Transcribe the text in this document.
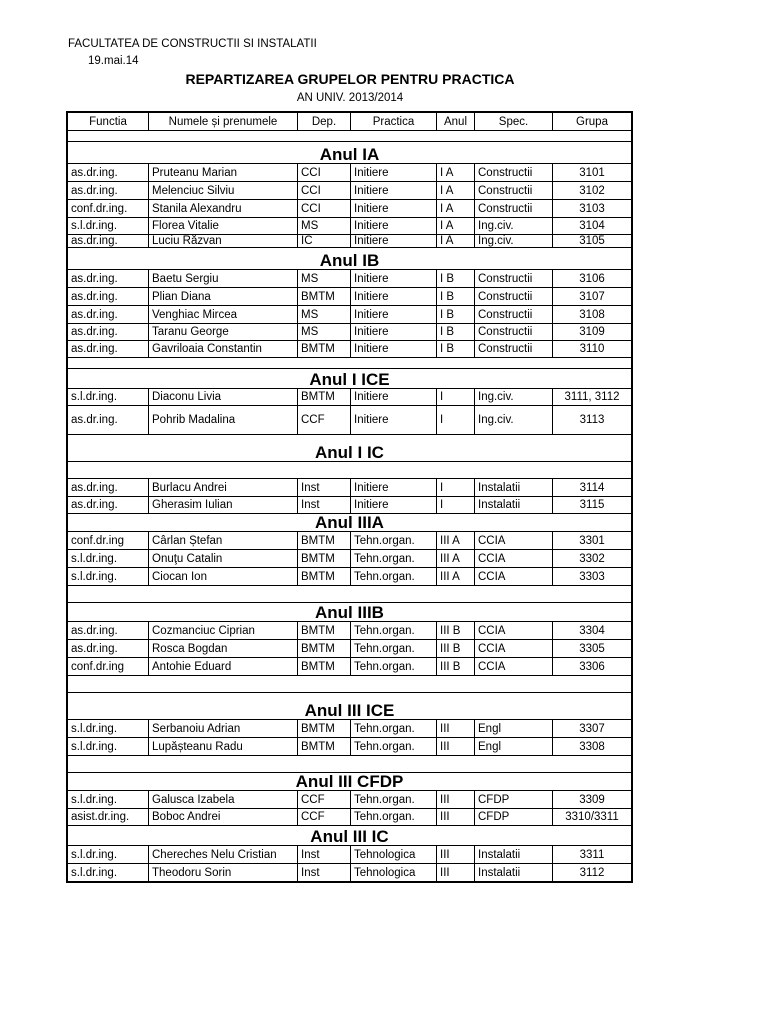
FACULTATEA DE CONSTRUCTII SI INSTALATII
19.mai.14
REPARTIZAREA GRUPELOR PENTRU PRACTICA
AN UNIV. 2013/2014
Functia	Numele și prenumele	Dep.	Practica	Anul	Spec.	Grupa
Anul IA
as.dr.ing.	Pruteanu Marian	CCI	Initiere	I A	Constructii	3101
as.dr.ing.	Melenciuc Silviu	CCI	Initiere	I A	Constructii	3102
conf.dr.ing.	Stanila Alexandru	CCI	Initiere	I A	Constructii	3103
s.l.dr.ing.	Florea Vitalie	MS	Initiere	I A	Ing.civ.	3104
as.dr.ing.	Luciu Răzvan	IC	Initiere	I A	Ing.civ.	3105
Anul IB
as.dr.ing.	Baetu Sergiu	MS	Initiere	I B	Constructii	3106
as.dr.ing.	Plian Diana	BMTM	Initiere	I B	Constructii	3107
as.dr.ing.	Venghiac Mircea	MS	Initiere	I B	Constructii	3108
as.dr.ing.	Taranu George	MS	Initiere	I B	Constructii	3109
as.dr.ing.	Gavriloaia Constantin	BMTM	Initiere	I B	Constructii	3110
Anul I ICE
s.l.dr.ing.	Diaconu Livia	BMTM	Initiere	I	Ing.civ.	3111, 3112
as.dr.ing.	Pohrib Madalina	CCF	Initiere	I	Ing.civ.	3113
Anul I IC
as.dr.ing.	Burlacu Andrei	Inst	Initiere	I	Instalatii	3114
as.dr.ing.	Gherasim Iulian	Inst	Initiere	I	Instalatii	3115
Anul IIIA
conf.dr.ing	Cârlan Ștefan	BMTM	Tehn.organ.	III A	CCIA	3301
s.l.dr.ing.	Onuţu Catalin	BMTM	Tehn.organ.	III A	CCIA	3302
s.l.dr.ing.	Ciocan Ion	BMTM	Tehn.organ.	III A	CCIA	3303
Anul IIIB
as.dr.ing.	Cozmanciuc Ciprian	BMTM	Tehn.organ.	III B	CCIA	3304
as.dr.ing.	Rosca Bogdan	BMTM	Tehn.organ.	III B	CCIA	3305
conf.dr.ing	Antohie Eduard	BMTM	Tehn.organ.	III B	CCIA	3306
Anul III ICE
s.l.dr.ing.	Serbanoiu Adrian	BMTM	Tehn.organ.	III	Engl	3307
s.l.dr.ing.	Lupășteanu Radu	BMTM	Tehn.organ.	III	Engl	3308
Anul III CFDP
s.l.dr.ing.	Galusca Izabela	CCF	Tehn.organ.	III	CFDP	3309
asist.dr.ing.	Boboc Andrei	CCF	Tehn.organ.	III	CFDP	3310/3311
Anul III IC
s.l.dr.ing.	Chereches Nelu Cristian	Inst	Tehnologica	III	Instalatii	3311
s.l.dr.ing.	Theodoru Sorin	Inst	Tehnologica	III	Instalatii	3112
